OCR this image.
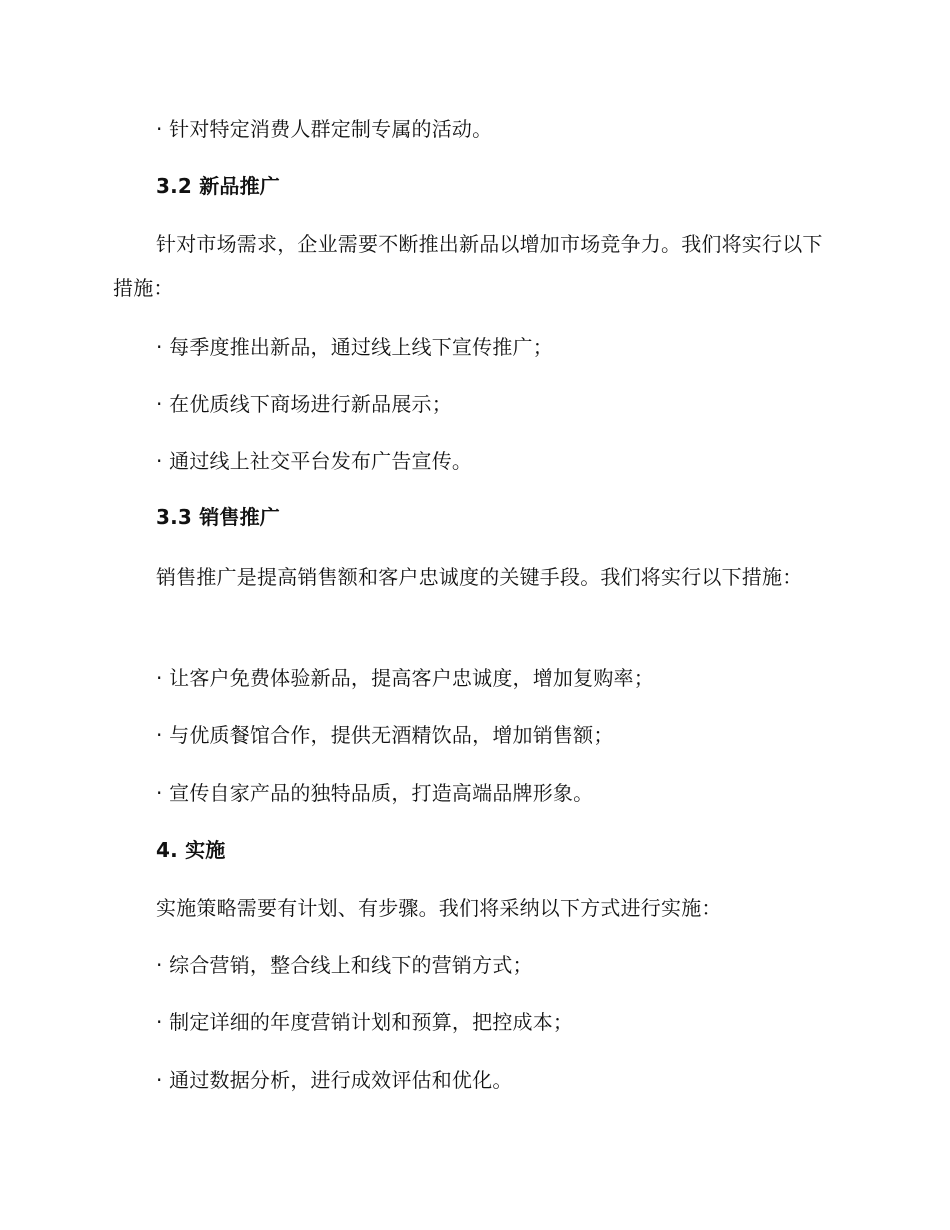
· 针对特定消费人群定制专属的活动。
3.2 新品推广
针对市场需求，企业需要不断推出新品以增加市场竞争力。我们将实行以下措施：
· 每季度推出新品，通过线上线下宣传推广；
· 在优质线下商场进行新品展示；
· 通过线上社交平台发布广告宣传。
3.3 销售推广
销售推广是提高销售额和客户忠诚度的关键手段。我们将实行以下措施：
· 让客户免费体验新品，提高客户忠诚度，增加复购率；
· 与优质餐馆合作，提供无酒精饮品，增加销售额；
· 宣传自家产品的独特品质，打造高端品牌形象。
4. 实施
实施策略需要有计划、有步骤。我们将采纳以下方式进行实施：
· 综合营销，整合线上和线下的营销方式；
· 制定详细的年度营销计划和预算，把控成本；
· 通过数据分析，进行成效评估和优化。
